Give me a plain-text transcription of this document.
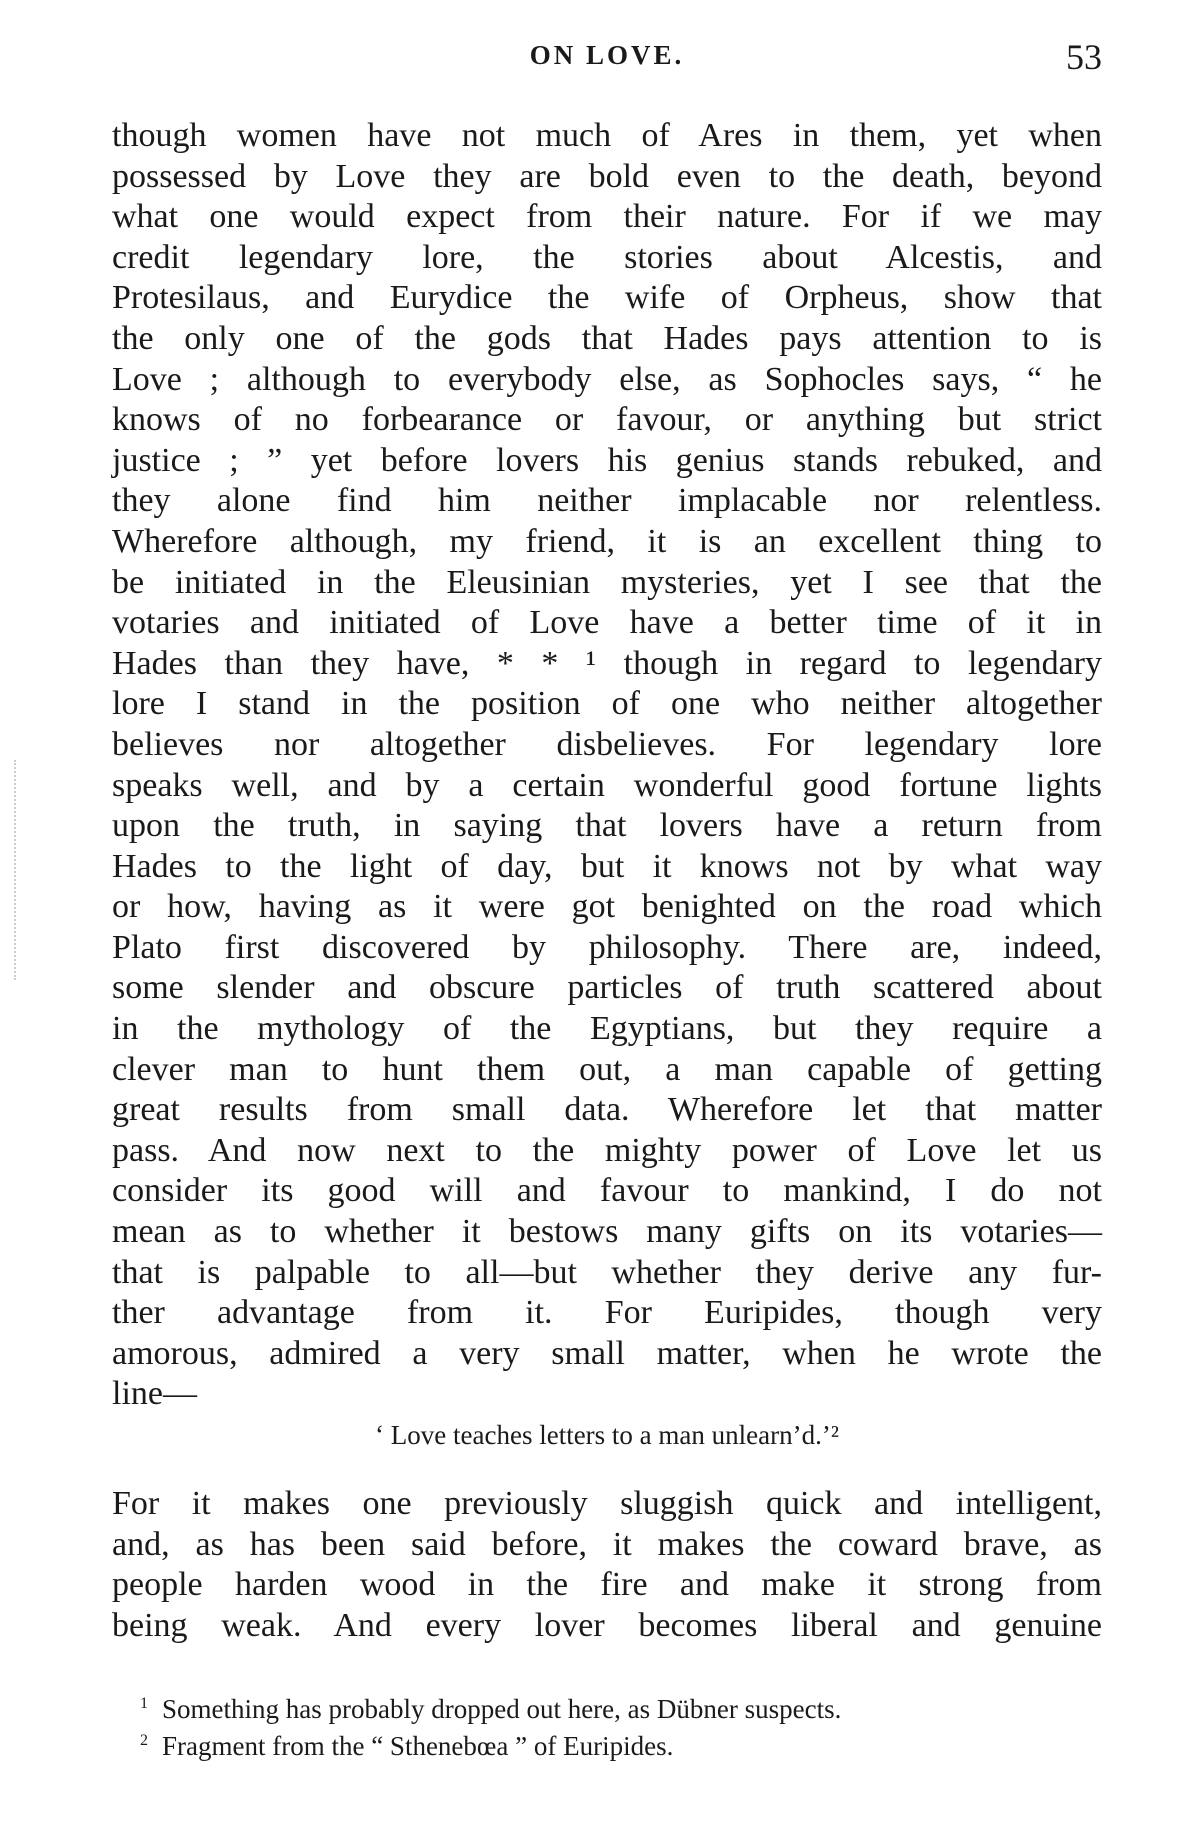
ON LOVE.	53
though women have not much of Ares in them, yet when
possessed by Love they are bold even to the death, beyond
what one would expect from their nature. For if we may
credit legendary lore, the stories about Alcestis, and
Protesilaus, and Eurydice the wife of Orpheus, show that
the only one of the gods that Hades pays attention to is
Love ; although to everybody else, as Sophocles says, “ he
knows of no forbearance or favour, or anything but strict
justice ; ” yet before lovers his genius stands rebuked, and
they alone find him neither implacable nor relentless.
Wherefore although, my friend, it is an excellent thing to
be initiated in the Eleusinian mysteries, yet I see that the
votaries and initiated of Love have a better time of it in
Hades than they have, * * ¹ though in regard to legendary
lore I stand in the position of one who neither altogether
believes nor altogether disbelieves. For legendary lore
speaks well, and by a certain wonderful good fortune lights
upon the truth, in saying that lovers have a return from
Hades to the light of day, but it knows not by what way
or how, having as it were got benighted on the road which
Plato first discovered by philosophy. There are, indeed,
some slender and obscure particles of truth scattered about
in the mythology of the Egyptians, but they require a
clever man to hunt them out, a man capable of getting
great results from small data. Wherefore let that matter
pass. And now next to the mighty power of Love let us
consider its good will and favour to mankind, I do not
mean as to whether it bestows many gifts on its votaries—
that is palpable to all—but whether they derive any fur-
ther advantage from it. For Euripides, though very
amorous, admired a very small matter, when he wrote the
line—
‘ Love teaches letters to a man unlearn’d.’²
For it makes one previously sluggish quick and intelligent,
and, as has been said before, it makes the coward brave, as
people harden wood in the fire and make it strong from
being weak. And every lover becomes liberal and genuine
$^1$ Something has probably dropped out here, as Dübner suspects.
$^2$ Fragment from the “ Sthenebœa ” of Euripides.
